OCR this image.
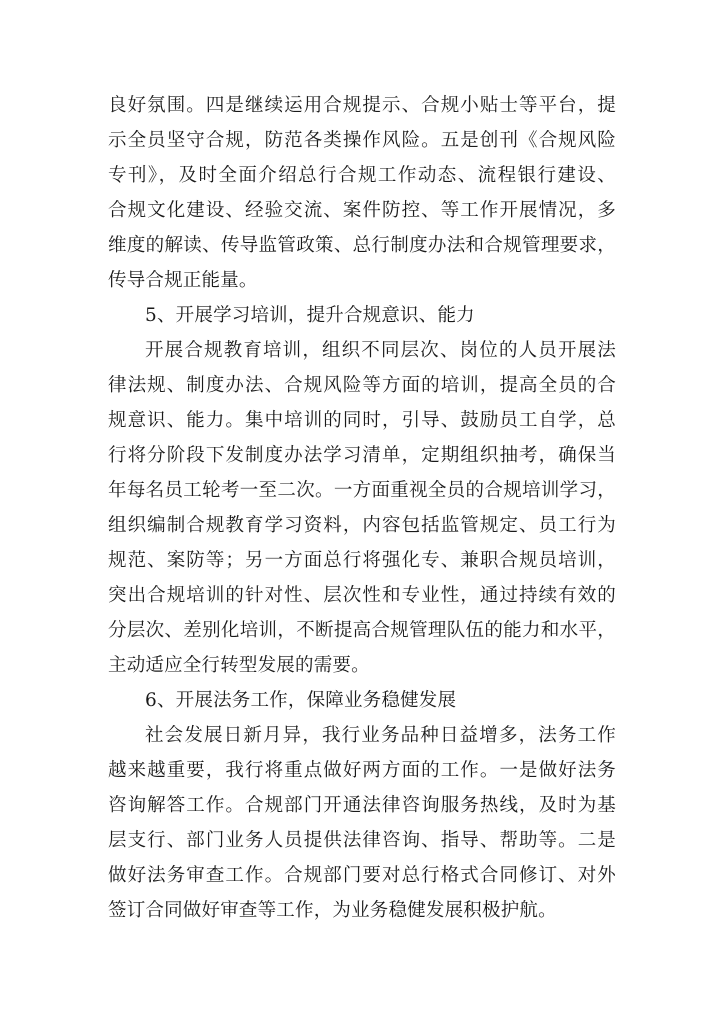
良好氛围。四是继续运用合规提示、合规小贴士等平台，提
示全员坚守合规，防范各类操作风险。五是创刊《合规风险
专刊》，及时全面介绍总行合规工作动态、流程银行建设、
合规文化建设、经验交流、案件防控、等工作开展情况，多
维度的解读、传导监管政策、总行制度办法和合规管理要求，
传导合规正能量。
5、开展学习培训，提升合规意识、能力
开展合规教育培训，组织不同层次、岗位的人员开展法
律法规、制度办法、合规风险等方面的培训，提高全员的合
规意识、能力。集中培训的同时，引导、鼓励员工自学，总
行将分阶段下发制度办法学习清单，定期组织抽考，确保当
年每名员工轮考一至二次。一方面重视全员的合规培训学习，
组织编制合规教育学习资料，内容包括监管规定、员工行为
规范、案防等；另一方面总行将强化专、兼职合规员培训，
突出合规培训的针对性、层次性和专业性，通过持续有效的
分层次、差别化培训，不断提高合规管理队伍的能力和水平，
主动适应全行转型发展的需要。
6、开展法务工作，保障业务稳健发展
社会发展日新月异，我行业务品种日益增多，法务工作
越来越重要，我行将重点做好两方面的工作。一是做好法务
咨询解答工作。合规部门开通法律咨询服务热线，及时为基
层支行、部门业务人员提供法律咨询、指导、帮助等。二是
做好法务审查工作。合规部门要对总行格式合同修订、对外
签订合同做好审查等工作，为业务稳健发展积极护航。
